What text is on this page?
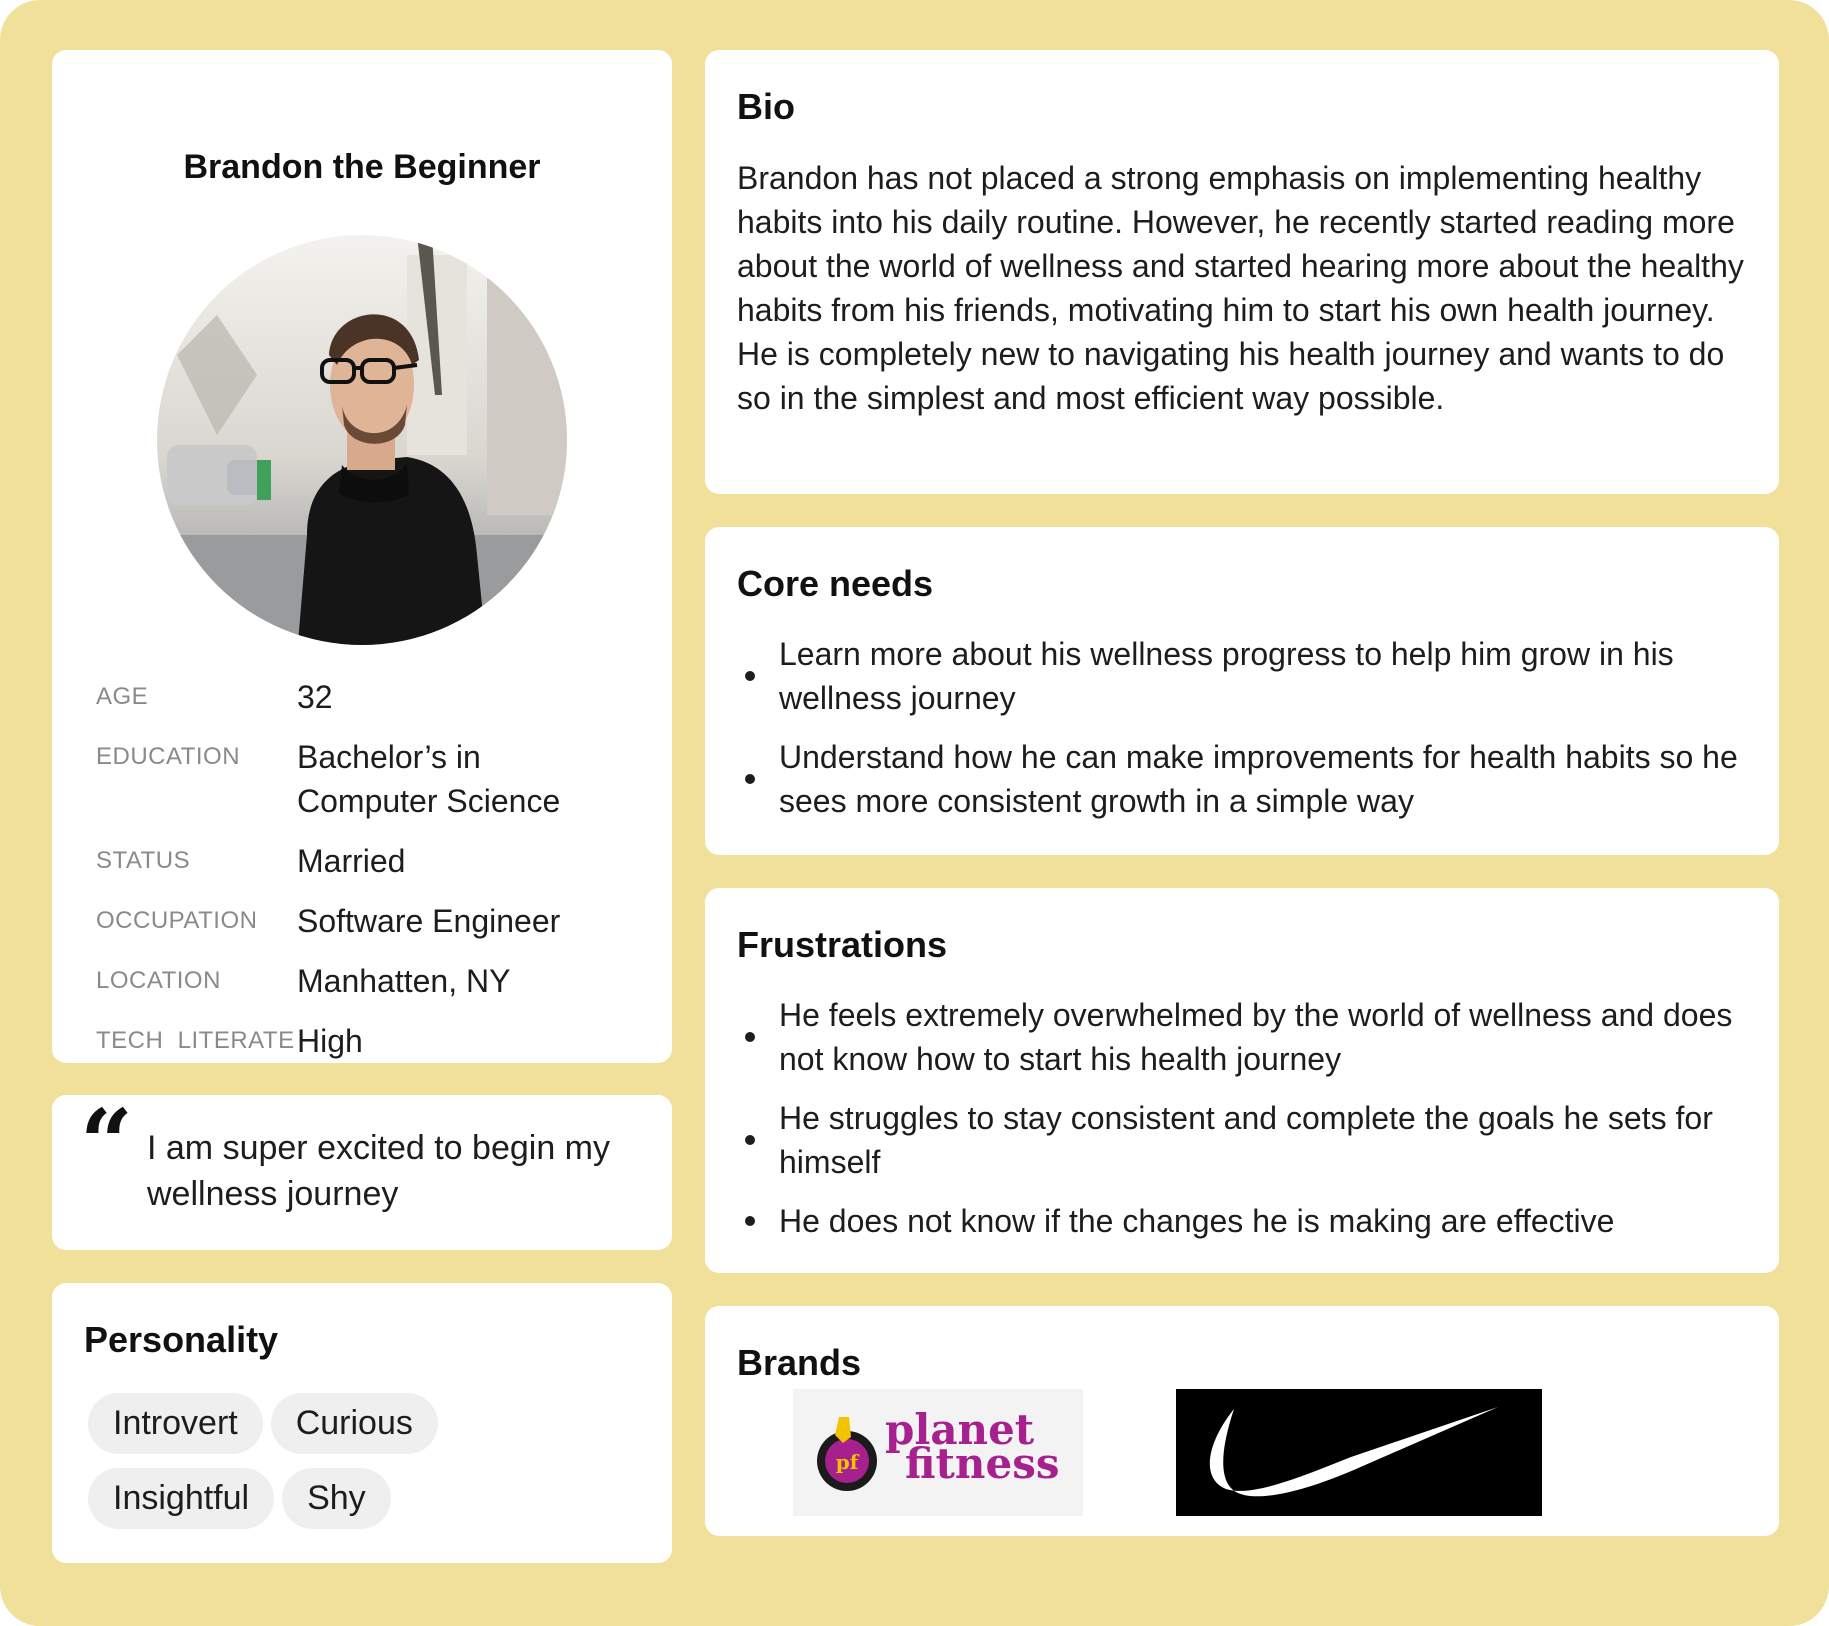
Brandon the Beginner
AGE	32
EDUCATION	Bachelor’s in Computer Science
STATUS	Married
OCCUPATION	Software Engineer
LOCATION	Manhatten, NY
TECH  LITERATE High
“ I am super excited to begin my wellness journey
Personality
Introvert Curious
Insightful Shy
Bio
Brandon has not placed a strong emphasis on implementing healthy habits into his daily routine. However, he recently started reading more about the world of wellness and started hearing more about the healthy habits from his friends, motivating him to start his own health journey. He is completely new to navigating his health journey and wants to do so in the simplest and most efficient way possible.
Core needs
Learn more about his wellness progress to help him grow in his wellness journey
Understand how he can make improvements for health habits so he sees more consistent growth in a simple way
Frustrations
He feels extremely overwhelmed by the world of wellness and does not know how to start his health journey
He struggles to stay consistent and complete the goals he sets for himself
He does not know if the changes he is making are effective
Brands
pf
planet
fitness
